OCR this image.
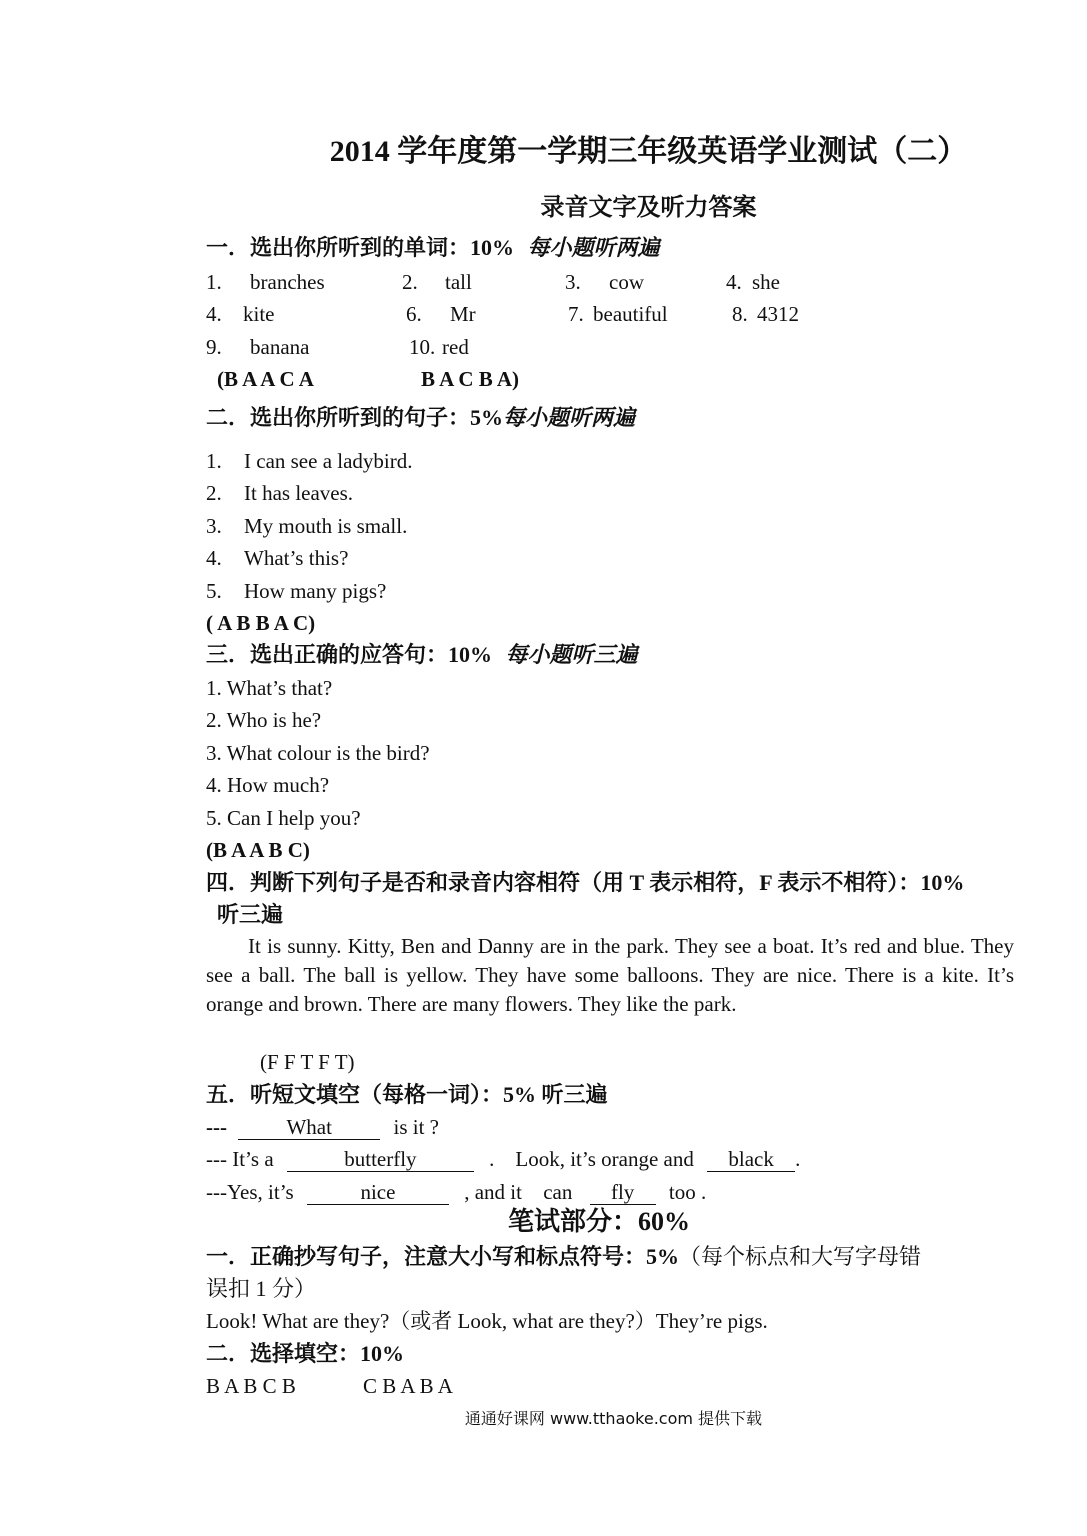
2014 学年度第一学期三年级英语学业测试（二）
录音文字及听力答案
一．选出你所听到的单词：10% 每小题听两遍
1. branches	2. tall	3. cow	4. she
4. kite	6. Mr	7. beautiful	8. 4312
9. banana	10. red
(B A A C A	B A C B A)
二．选出你所听到的句子：5%每小题听两遍
1. I can see a ladybird.
2. It has leaves.
3. My mouth is small.
4. What’s this?
5. How many pigs?
( A B B A C)
三．选出正确的应答句：10% 每小题听三遍
1. What’s that?
2. Who is he?
3. What colour is the bird?
4. How much?
5. Can I help you?
(B A A B C)
四．判断下列句子是否和录音内容相符（用 T 表示相符，F 表示不相符）：10%
听三遍
It is sunny. Kitty, Ben and Danny are in the park. They see a boat. It’s red and blue. They see a ball. The ball is yellow. They have some balloons. They are nice. There is a kite. It’s orange and brown. There are many flowers. They like the park.
(F F T F T)
五．听短文填空（每格一词）：5% 听三遍
---	What	is it ?
--- It’s a	butterfly	.    Look, it’s orange and black .
---Yes, it’s	nice	, and it can fly too .
笔试部分：60%
一．正确抄写句子，注意大小写和标点符号：5%（每个标点和大写字母错
误扣 1 分）
Look! What are they?（或者 Look, what are they?）They’re pigs.
二．选择填空：10%
B A B C B	C B A B A
通通好课网 www.tthaoke.com 提供下载
